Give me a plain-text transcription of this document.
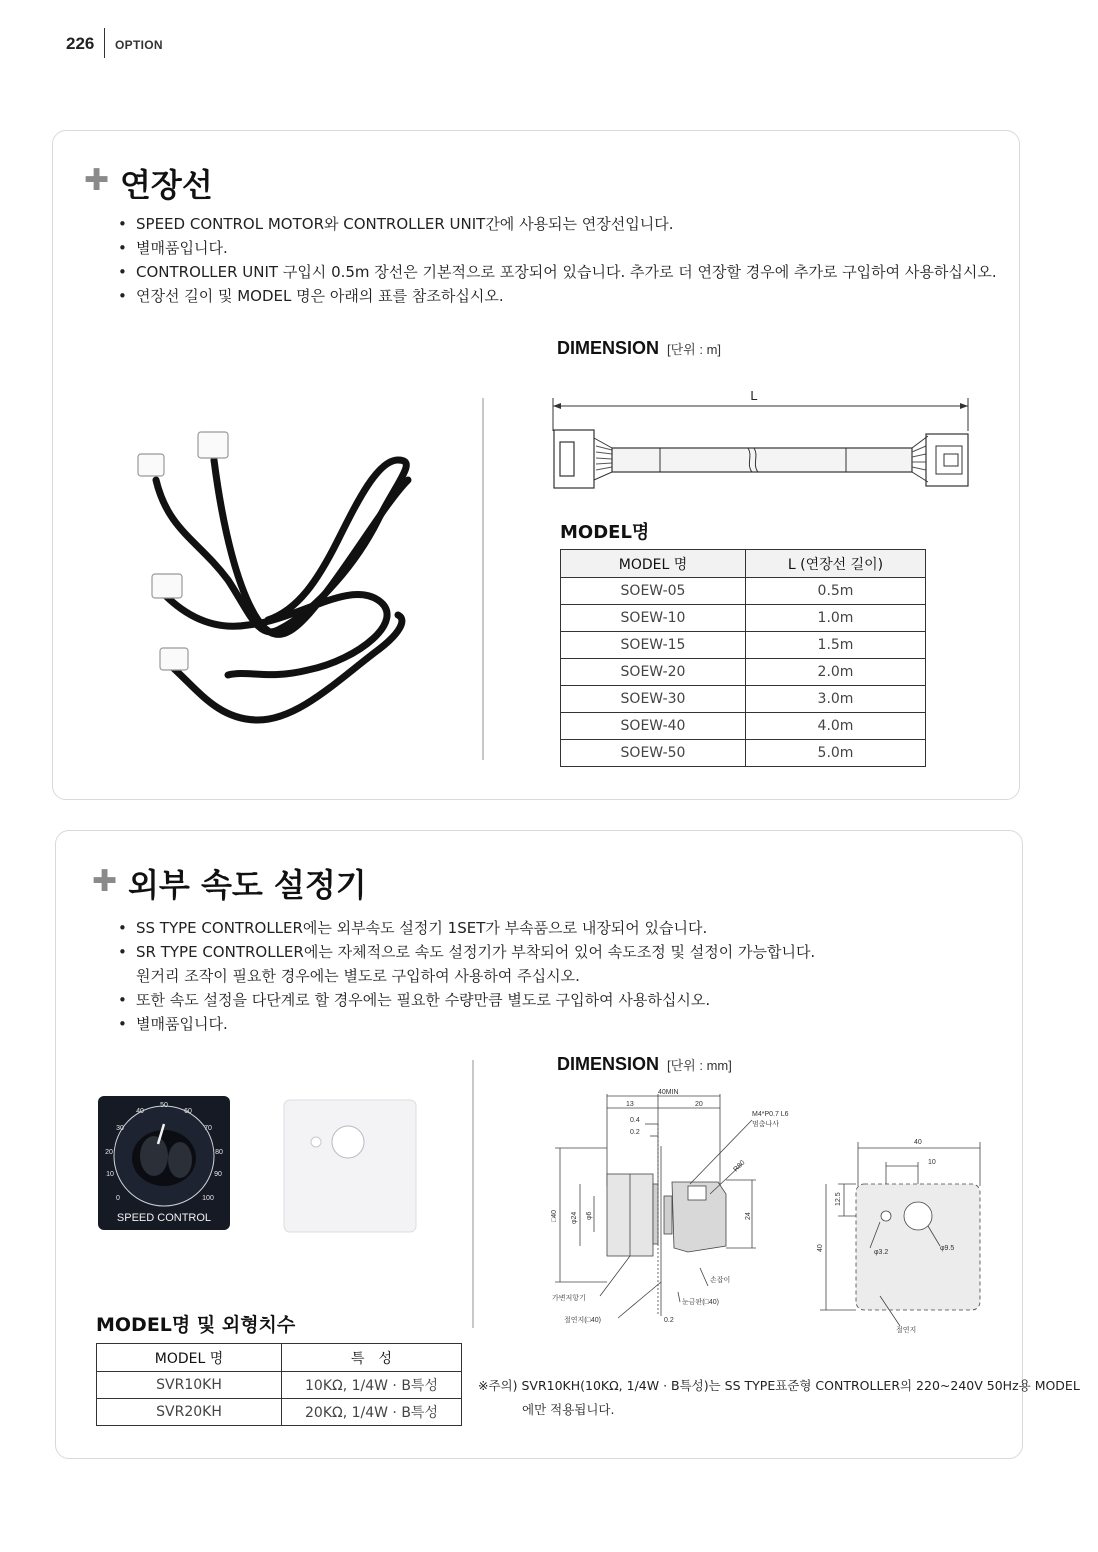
226 OPTION
✚ 연장선
• SPEED CONTROL MOTOR와 CONTROLLER UNIT간에 사용되는 연장선입니다.
• 별매품입니다.
• CONTROLLER UNIT 구입시 0.5m 장선은 기본적으로 포장되어 있습니다. 추가로 더 연장할 경우에 추가로 구입하여 사용하십시오.
• 연장선 길이 및 MODEL 명은 아래의 표를 참조하십시오.
DIMENSION [단위 : m]
L
MODEL명
MODEL 명	L (연장선 길이)
SOEW-05	0.5m
SOEW-10	1.0m
SOEW-15	1.5m
SOEW-20	2.0m
SOEW-30	3.0m
SOEW-40	4.0m
SOEW-50	5.0m
✚ 외부 속도 설정기
• SS TYPE CONTROLLER에는 외부속도 설정기 1SET가 부속품으로 내장되어 있습니다.
• SR TYPE CONTROLLER에는 자체적으로 속도 설정기가 부착되어 있어 속도조정 및 설정이 가능합니다.
원거리 조작이 필요한 경우에는 별도로 구입하여 사용하여 주십시오.
• 또한 속도 설정을 다단계로 할 경우에는 필요한 수량만큼 별도로 구입하여 사용하십시오.
• 별매품입니다.
0
10
20
30
40
50
60
70
80
90
100
SPEED CONTROL
DIMENSION [단위 : mm]
40MIN
13	20
0.4
0.2
M4*P0.7 L6
멈춤나사
R80
□40 φ24 φ6	24
손잡이
가변저항기
눈금판(□40)
절연지(□40)	0.2
40
10
12.5
40
φ3.2
φ9.5
절연지
MODEL명 및 외형치수
MODEL 명	특　성
SVR10KH	10KΩ, 1/4W · B특성
SVR20KH	20KΩ, 1/4W · B특성
※주의) SVR10KH(10KΩ, 1/4W · B특성)는 SS TYPE표준형 CONTROLLER의 220~240V 50Hz용 MODEL
에만 적용됩니다.
